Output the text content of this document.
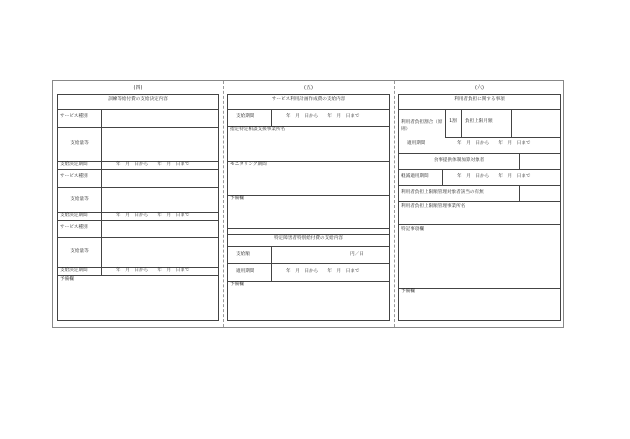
(四)	(五)	(六)
訓練等給付費の支給決定内容
サービス種別
支給量等
支給決定期間	年　月　日から　　年　月　日まで
サービス種別
支給量等
支給決定期間	年　月　日から　　年　月　日まで
サービス種別
支給量等
支給決定期間	年　月　日から　　年　月　日まで
予備欄
サービス利用計画作成費の支給内容
支給期間	年　月　日から　　年　月　日まで
指定特定相談支援事業所名
モニタリング期間
予備欄
特定障害者特別給付費の支給内容
支給額	円／日
適用期間	年　月　日から　　年　月　日まで
予備欄
利用者負担に関する事項
利用者負担割合（原則）
1割	負担上限月額
適用期間	年　月　日から　　年　月　日まで
食事提供体制加算対象者
軽減適用期間	年　月　日から　　年　月　日まで
利用者負担上限額管理対象者該当の有無
利用者負担上限額管理事業所名
特記事項欄
予備欄
